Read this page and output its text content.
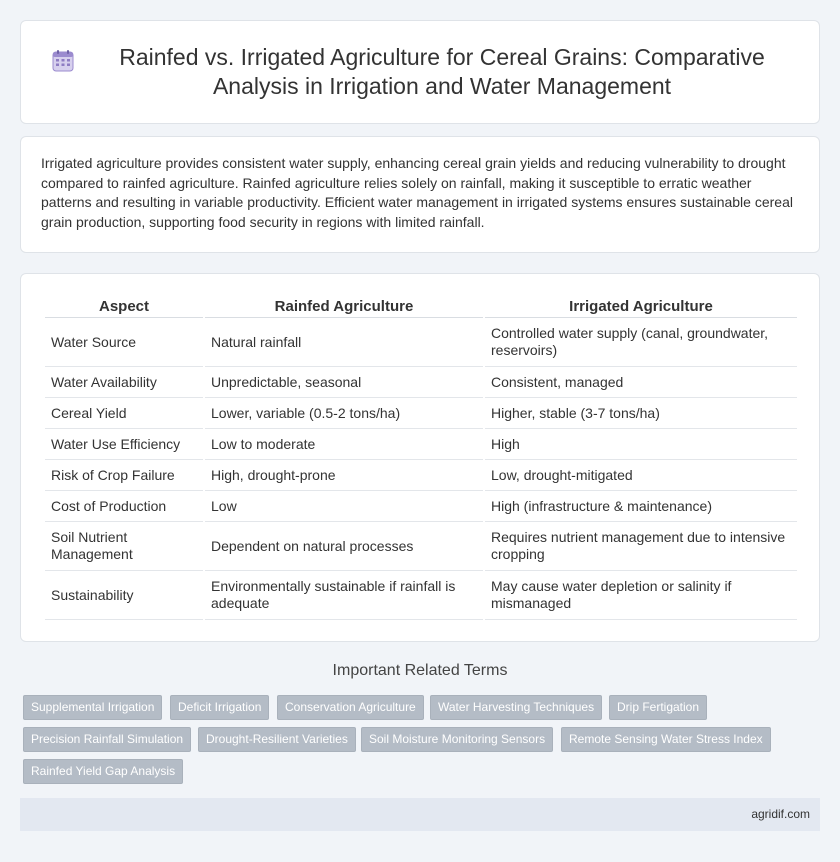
Rainfed vs. Irrigated Agriculture for Cereal Grains: Comparative Analysis in Irrigation and Water Management

Irrigated agriculture provides consistent water supply, enhancing cereal grain yields and reducing vulnerability to drought compared to rainfed agriculture. Rainfed agriculture relies solely on rainfall, making it susceptible to erratic weather patterns and resulting in variable productivity. Efficient water management in irrigated systems ensures sustainable cereal grain production, supporting food security in regions with limited rainfall.

Aspect	Rainfed Agriculture	Irrigated Agriculture
Water Source	Natural rainfall	Controlled water supply (canal, groundwater, reservoirs)
Water Availability	Unpredictable, seasonal	Consistent, managed
Cereal Yield	Lower, variable (0.5-2 tons/ha)	Higher, stable (3-7 tons/ha)
Water Use Efficiency	Low to moderate	High
Risk of Crop Failure	High, drought-prone	Low, drought-mitigated
Cost of Production	Low	High (infrastructure & maintenance)
Soil Nutrient Management	Dependent on natural processes	Requires nutrient management due to intensive cropping
Sustainability	Environmentally sustainable if rainfall is adequate	May cause water depletion or salinity if mismanaged
Important Related Terms
Supplemental Irrigation	Deficit Irrigation	Conservation Agriculture	Water Harvesting Techniques	Drip Fertigation
Precision Rainfall Simulation	Drought-Resilient Varieties	Soil Moisture Monitoring Sensors	Remote Sensing Water Stress Index
Rainfed Yield Gap Analysis
agridif.com
